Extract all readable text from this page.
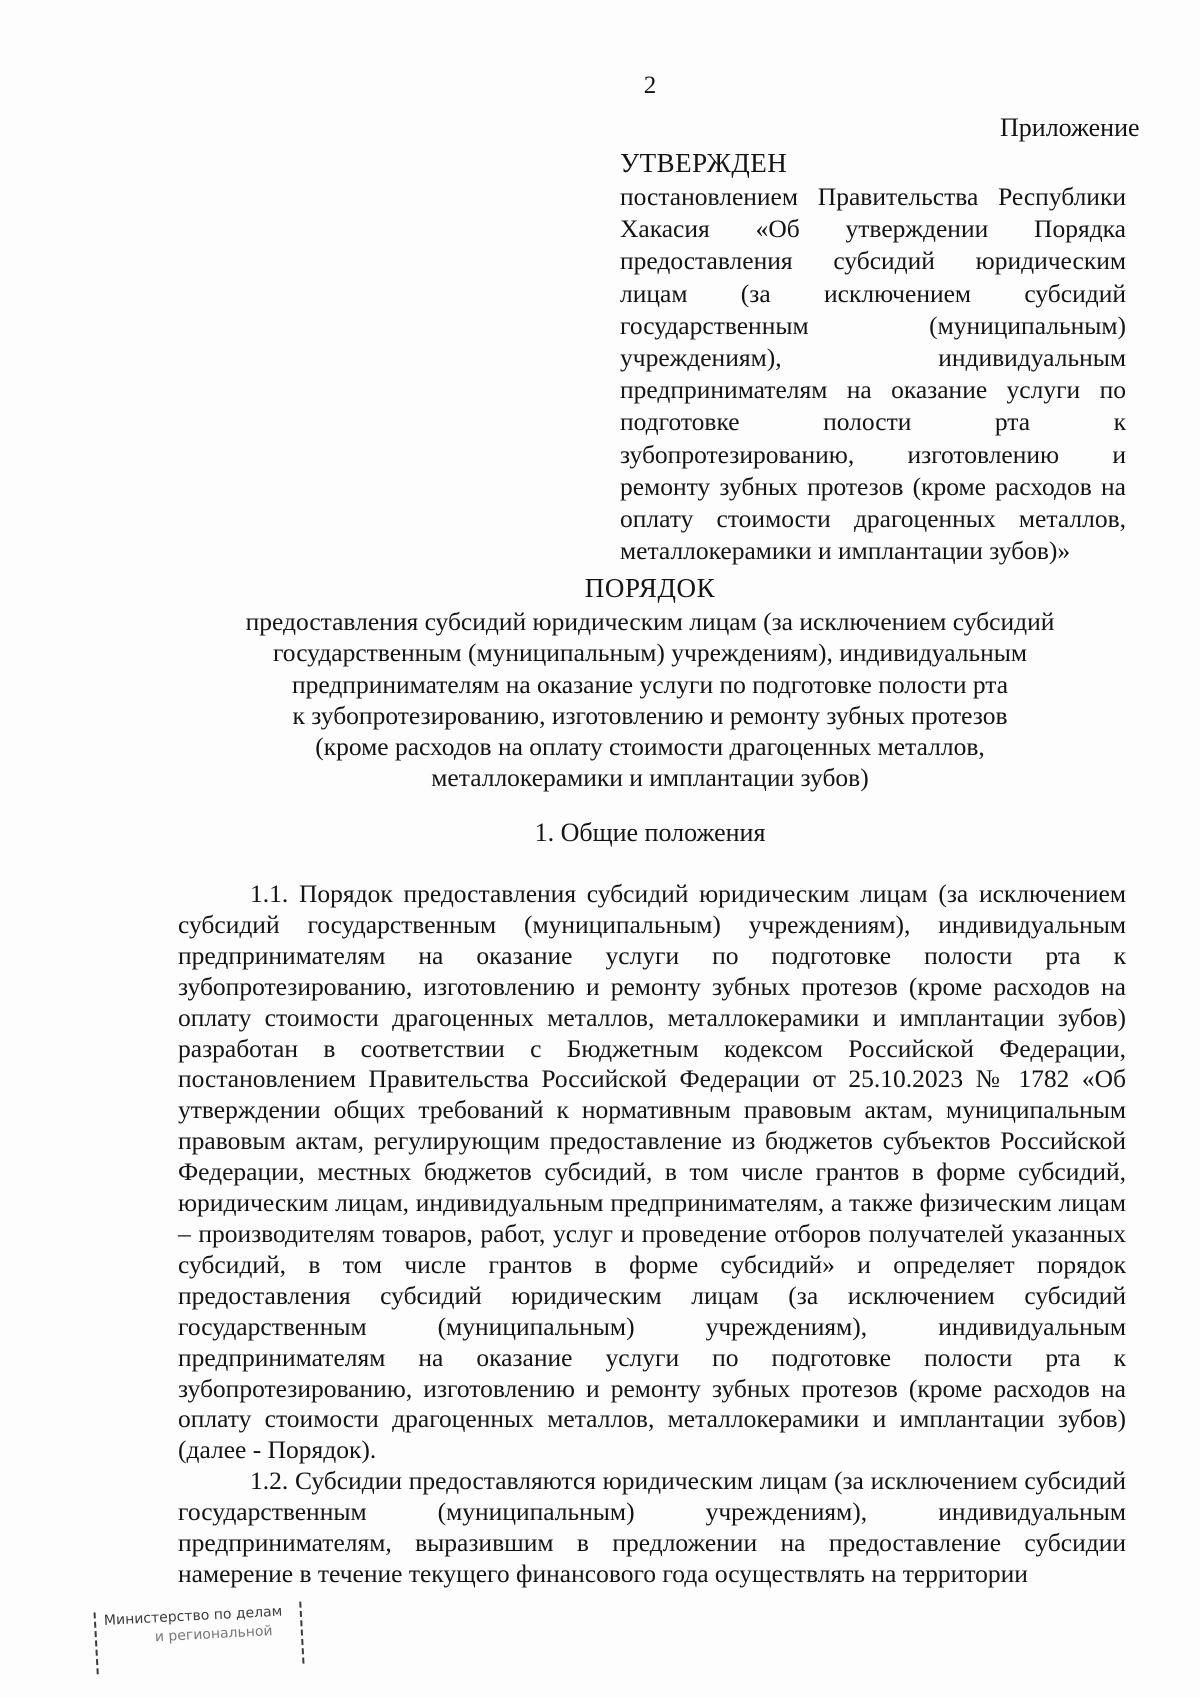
2
Приложение
УТВЕРЖДЕН

постановлением Правительства Республики Хакасия «Об утверждении Порядка предоставления субсидий юридическим лицам (за исключением субсидий государственным (муниципальным) учреждениям), индивидуальным предпринимателям на оказание услуги по подготовке полости рта к зубопротезированию, изготовлению и ремонту зубных протезов (кроме расходов на оплату стоимости драгоценных металлов, металлокерамики и имплантации зубов)»

ПОРЯДОК
предоставления субсидий юридическим лицам (за исключением субсидий
государственным (муниципальным) учреждениям), индивидуальным
предпринимателям на оказание услуги по подготовке полости рта
к зубопротезированию, изготовлению и ремонту зубных протезов
(кроме расходов на оплату стоимости драгоценных металлов,
металлокерамики и имплантации зубов)
1. Общие положения

1.1. Порядок предоставления субсидий юридическим лицам (за исключением субсидий государственным (муниципальным) учреждениям), индивидуальным предпринимателям на оказание услуги по подготовке полости рта к зубопротезированию, изготовлению и ремонту зубных протезов (кроме расходов на оплату стоимости драгоценных металлов, металлокерамики и имплантации зубов) разработан в соответствии с Бюджетным кодексом Российской Федерации, постановлением Правительства Российской Федерации от 25.10.2023 № 1782 «Об утверждении общих требований к нормативным правовым актам, муниципальным правовым актам, регулирующим предоставление из бюджетов субъектов Российской Федерации, местных бюджетов субсидий, в том числе грантов в форме субсидий, юридическим лицам, индивидуальным предпринимателям, а также физическим лицам – производителям товаров, работ, услуг и проведение отборов получателей указанных субсидий, в том числе грантов в форме субсидий» и определяет порядок предоставления субсидий юридическим лицам (за исключением субсидий государственным (муниципальным) учреждениям), индивидуальным предпринимателям на оказание услуги по подготовке полости рта к зубопротезированию, изготовлению и ремонту зубных протезов (кроме расходов на оплату стоимости драгоценных металлов, металлокерамики и имплантации зубов) (далее - Порядок).

1.2. Субсидии предоставляются юридическим лицам (за исключением субсидий государственным (муниципальным) учреждениям), индивидуальным предпринимателям, выразившим в предложении на предоставление субсидии намерение в течение текущего финансового года осуществлять на территории

Министерство по делам
и региональной
